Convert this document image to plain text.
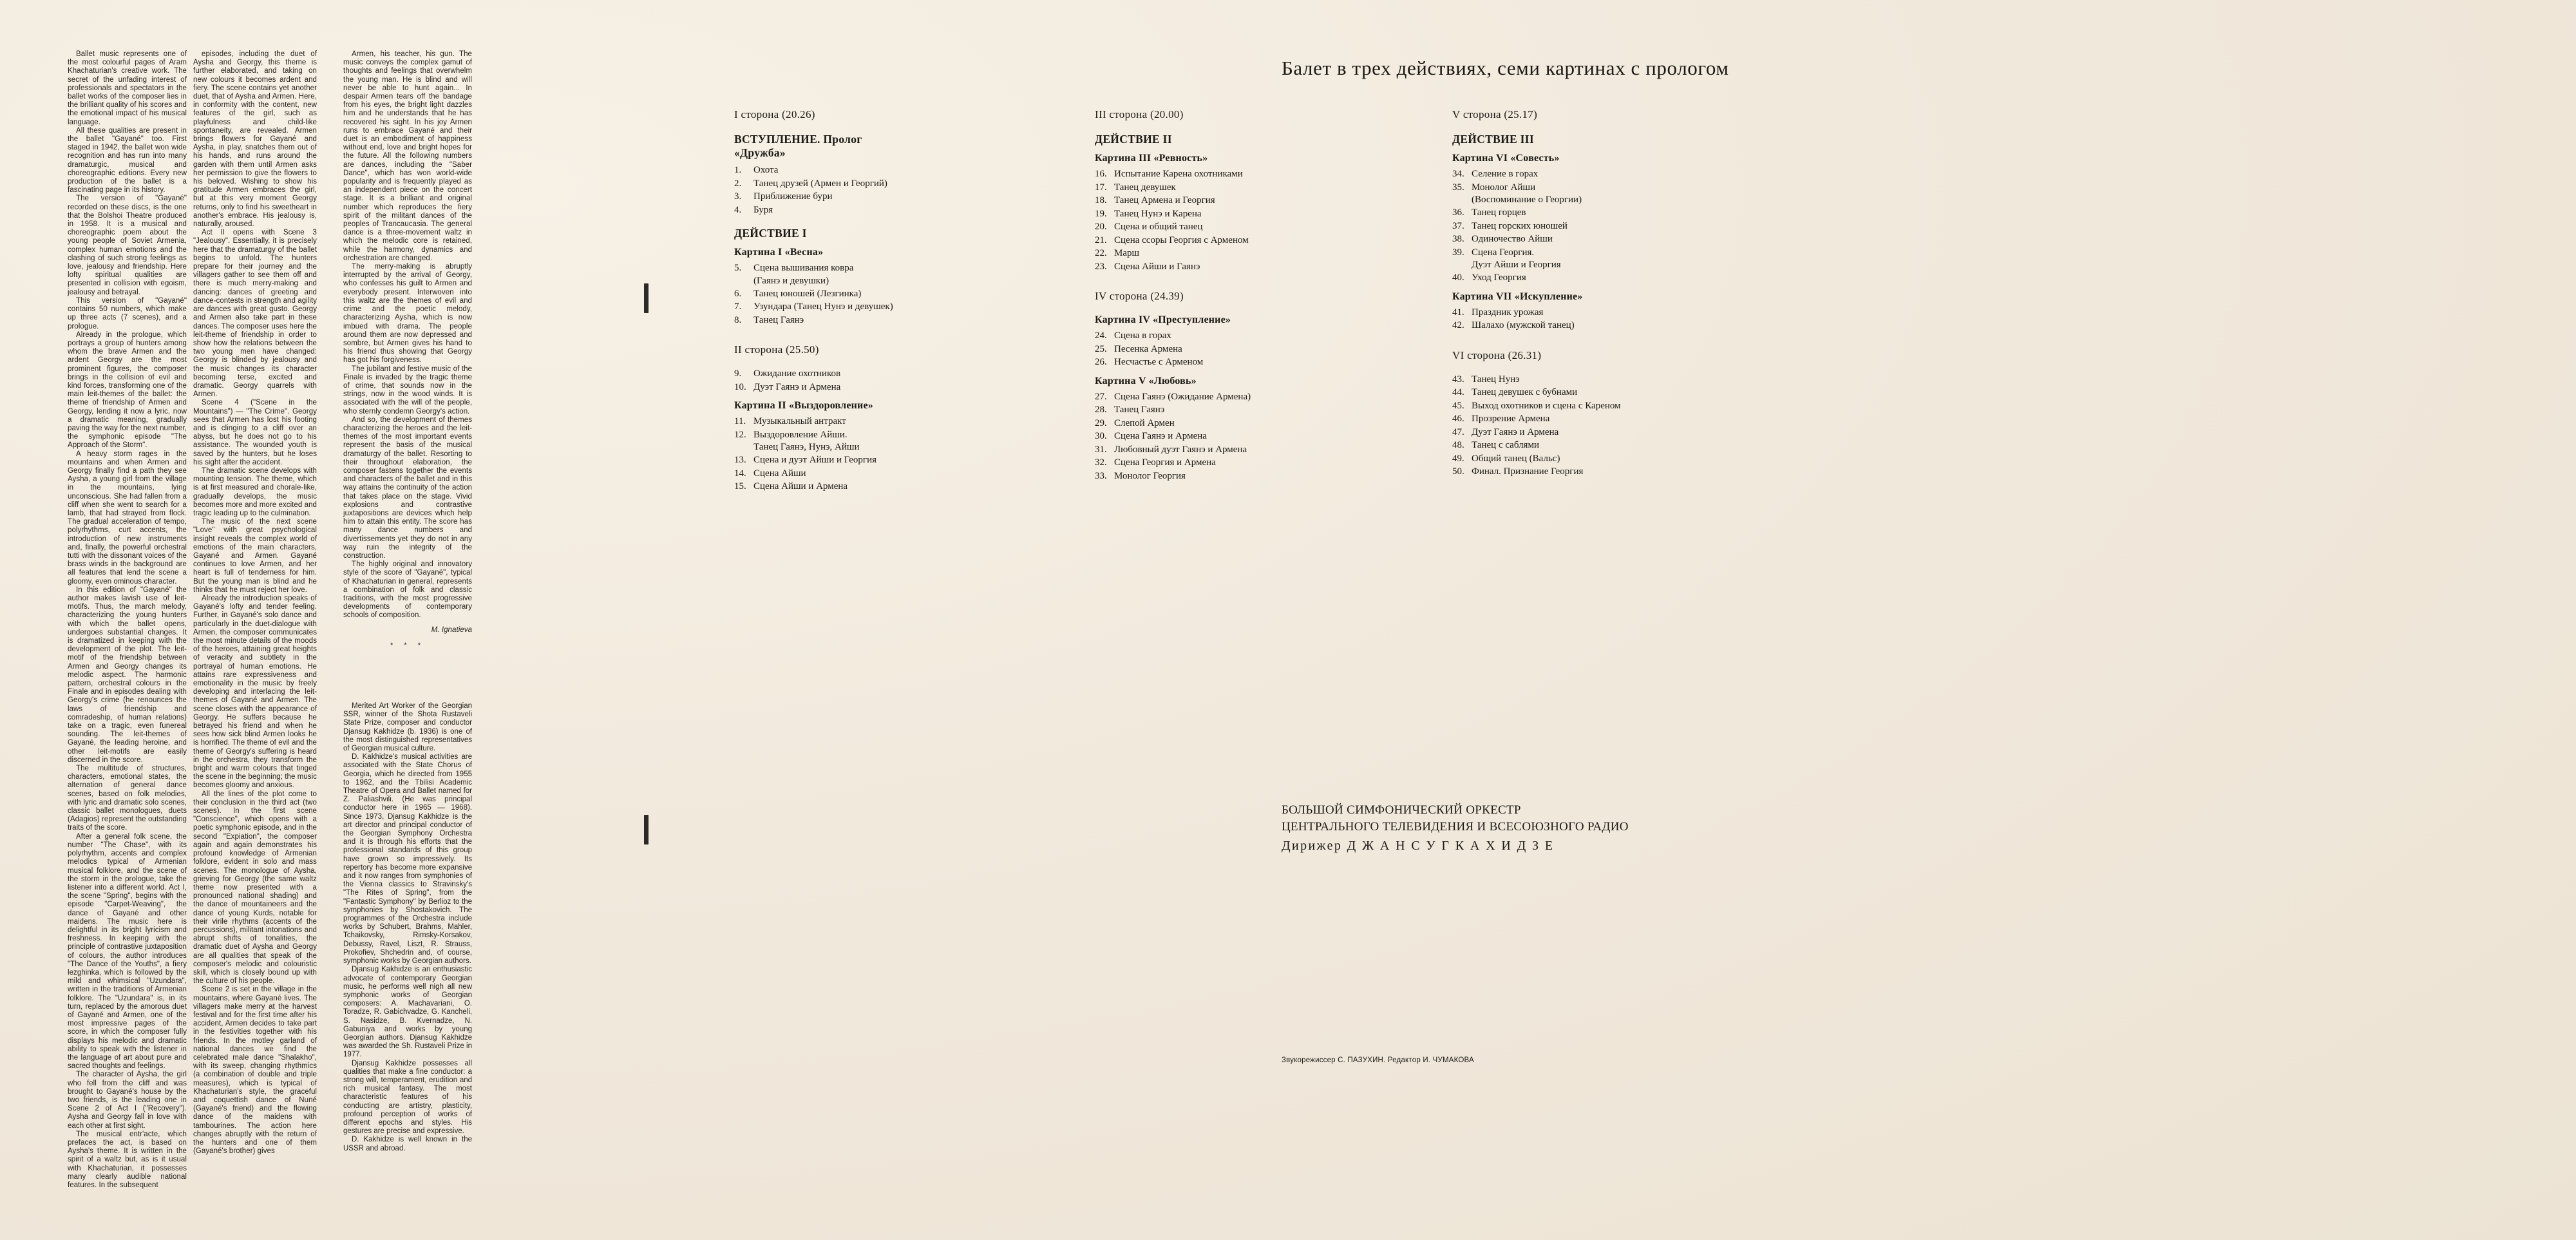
Ballet music represents one of the most colourful pages of Aram Khachaturian's creative work. The secret of the unfading interest of professionals and spectators in the ballet works of the composer lies in the brilliant quality of his scores and the emotional impact of his musical language.

All these qualities are present in the ballet "Gayané" too. First staged in 1942, the ballet won wide recognition and has run into many dramaturgic, musical and choreographic editions. Every new production of the ballet is a fascinating page in its history.

The version of "Gayané" recorded on these discs, is the one that the Bolshoi Theatre produced in 1958. It is a musical and choreographic poem about the young people of Soviet Armenia, complex human emotions and the clashing of such strong feelings as love, jealousy and friendship. Here lofty spiritual qualities are presented in collision with egoism, jealousy and betrayal.

This version of "Gayané" contains 50 numbers, which make up three acts (7 scenes), and a prologue.

Already in the prologue, which portrays a group of hunters among whom the brave Armen and the ardent Georgy are the most prominent figures, the composer brings in the collision of evil and kind forces, transforming one of the main leit-themes of the ballet: the theme of friendship of Armen and Georgy, lending it now a lyric, now a dramatic meaning, gradually paving the way for the next number, the symphonic episode "The Approach of the Storm".

A heavy storm rages in the mountains and when Armen and Georgy finally find a path they see Aysha, a young girl from the village in the mountains, lying unconscious. She had fallen from a cliff when she went to search for a lamb, that had strayed from flock. The gradual acceleration of tempo, polyrhythms, curt accents, the introduction of new instruments and, finally, the powerful orchestral tutti with the dissonant voices of the brass winds in the background are all features that lend the scene a gloomy, even ominous character.

In this edition of "Gayané" the author makes lavish use of leit-motifs. Thus, the march melody, characterizing the young hunters with which the ballet opens, undergoes substantial changes. It is dramatized in keeping with the development of the plot. The leit-motif of the friendship between Armen and Georgy changes its melodic aspect. The harmonic pattern, orchestral colours in the Finale and in episodes dealing with Georgy's crime (he renounces the laws of friendship and comradeship, of human relations) take on a tragic, even funereal sounding. The leit-themes of Gayané, the leading heroine, and other leit-motifs are easily discerned in the score.

The multitude of structures, characters, emotional states, the alternation of general dance scenes, based on folk melodies, with lyric and dramatic solo scenes, classic ballet monologues, duets (Adagios) represent the outstanding traits of the score.

After a general folk scene, the number "The Chase", with its polyrhythm, accents and complex melodics typical of Armenian musical folklore, and the scene of the storm in the prologue, take the listener into a different world. Act I, the scene "Spring", begins with the episode "Carpet-Weaving", the dance of Gayané and other maidens. The music here is delightful in its bright lyricism and freshness. In keeping with the principle of contrastive juxtaposition of colours, the author introduces "The Dance of the Youths", a fiery lezghinka, which is followed by the mild and whimsical "Uzundara", written in the traditions of Armenian folklore. The "Uzundara" is, in its turn, replaced by the amorous duet of Gayané and Armen, one of the most impressive pages of the score, in which the composer fully displays his melodic and dramatic ability to speak with the listener in the language of art about pure and sacred thoughts and feelings.

The character of Aysha, the girl who fell from the cliff and was brought to Gayané's house by the two friends, is the leading one in Scene 2 of Act I ("Recovery"). Aysha and Georgy fall in love with each other at first sight.

The musical entr'acte, which prefaces the act, is based on Aysha's theme. It is written in the spirit of a waltz but, as is it usual with Khachaturian, it possesses many clearly audible national features. In the subsequent

episodes, including the duet of Aysha and Georgy, this theme is further elaborated, and taking on new colours it becomes ardent and fiery. The scene contains yet another duet, that of Aysha and Armen. Here, in conformity with the content, new features of the girl, such as playfulness and child-like spontaneity, are revealed. Armen brings flowers for Gayané and Aysha, in play, snatches them out of his hands, and runs around the garden with them until Armen asks her permission to give the flowers to his beloved. Wishing to show his gratitude Armen embraces the girl, but at this very moment Georgy returns, only to find his sweetheart in another's embrace. His jealousy is, naturally, aroused.

Act II opens with Scene 3 "Jealousy". Essentially, it is precisely here that the dramaturgy of the ballet begins to unfold. The hunters prepare for their journey and the villagers gather to see them off and there is much merry-making and dancing: dances of greeting and dance-contests in strength and agility are dances with great gusto. Georgy and Armen also take part in these dances. The composer uses here the leit-theme of friendship in order to show how the relations between the two young men have changed: Georgy is blinded by jealousy and the music changes its character becoming terse, excited and dramatic. Georgy quarrels with Armen.

Scene 4 ("Scene in the Mountains") — "The Crime". Georgy sees that Armen has lost his footing and is clinging to a cliff over an abyss, but he does not go to his assistance. The wounded youth is saved by the hunters, but he loses his sight after the accident.

The dramatic scene develops with mounting tension. The theme, which is at first measured and chorale-like, gradually develops, the music becomes more and more excited and tragic leading up to the culmination.

The music of the next scene "Love" with great psychological insight reveals the complex world of emotions of the main characters, Gayané and Armen. Gayané continues to love Armen, and her heart is full of tenderness for him. But the young man is blind and he thinks that he must reject her love.

Already the introduction speaks of Gayané's lofty and tender feeling. Further, in Gayané's solo dance and particularly in the duet-dialogue with Armen, the composer communicates the most minute details of the moods of the heroes, attaining great heights of veracity and subtlety in the portrayal of human emotions. He attains rare expressiveness and emotionality in the music by freely developing and interlacing the leit-themes of Gayané and Armen. The scene closes with the appearance of Georgy. He suffers because he betrayed his friend and when he sees how sick blind Armen looks he is horrified. The theme of evil and the theme of Georgy's suffering is heard in the orchestra, they transform the bright and warm colours that tinged the scene in the beginning; the music becomes gloomy and anxious.

All the lines of the plot come to their conclusion in the third act (two scenes). In the first scene "Conscience", which opens with a poetic symphonic episode, and in the second "Expiation", the composer again and again demonstrates his profound knowledge of Armenian folklore, evident in solo and mass scenes. The monologue of Aysha, grieving for Georgy (the same waltz theme now presented with a pronounced national shading) and the dance of mountaineers and the dance of young Kurds, notable for their virile rhythms (accents of the percussions), militant intonations and abrupt shifts of tonalities, the dramatic duet of Aysha and Georgy are all qualities that speak of the composer's melodic and colouristic skill, which is closely bound up with the culture of his people.

Scene 2 is set in the village in the mountains, where Gayané lives. The villagers make merry at the harvest festival and for the first time after his accident, Armen decides to take part in the festivities together with his friends. In the motley garland of national dances we find the celebrated male dance "Shalakho", with its sweep, changing rhythmics (a combination of double and triple measures), which is typical of Khachaturian's style, the graceful and coquettish dance of Nuné (Gayané's friend) and the flowing dance of the maidens with tambourines. The action here changes abruptly with the return of the hunters and one of them (Gayané's brother) gives

Armen, his teacher, his gun. The music conveys the complex gamut of thoughts and feelings that overwhelm the young man. He is blind and will never be able to hunt again... In despair Armen tears off the bandage from his eyes, the bright light dazzles him and he understands that he has recovered his sight. In his joy Armen runs to embrace Gayané and their duet is an embodiment of happiness without end, love and bright hopes for the future. All the following numbers are dances, including the "Saber Dance", which has won world-wide popularity and is frequently played as an independent piece on the concert stage. It is a brilliant and original number which reproduces the fiery spirit of the militant dances of the peoples of Trancaucasia. The general dance is a three-movement waltz in which the melodic core is retained, while the harmony, dynamics and orchestration are changed.

The merry-making is abruptly interrupted by the arrival of Georgy, who confesses his guilt to Armen and everybody present. Interwoven into this waltz are the themes of evil and crime and the poetic melody, characterizing Aysha, which is now imbued with drama. The people around them are now depressed and sombre, but Armen gives his hand to his friend thus showing that Georgy has got his forgiveness.

The jubilant and festive music of the Finale is invaded by the tragic theme of crime, that sounds now in the strings, now in the wood winds. It is associated with the will of the people, who sternly condemn Georgy's action.

And so, the development of themes characterizing the heroes and the leit-themes of the most important events represent the basis of the musical dramaturgy of the ballet. Resorting to their throughout elaboration, the composer fastens together the events and characters of the ballet and in this way attains the continuity of the action that takes place on the stage. Vivid explosions and contrastive juxtapositions are devices which help him to attain this entity. The score has many dance numbers and divertissements yet they do not in any way ruin the integrity of the construction.

The highly original and innovatory style of the score of "Gayané", typical of Khachaturian in general, represents a combination of folk and classic traditions, with the most progressive developments of contemporary schools of composition.

M. Ignatieva
* * *

Merited Art Worker of the Georgian SSR, winner of the Shota Rustaveli State Prize, composer and conductor Djansug Kakhidze (b. 1936) is one of the most distinguished representatives of Georgian musical culture.

D. Kakhidze's musical activities are associated with the State Chorus of Georgia, which he directed from 1955 to 1962, and the Tbilisi Academic Theatre of Opera and Ballet named for Z. Paliashvili. (He was principal conductor here in 1965 — 1968). Since 1973, Djansug Kakhidze is the art director and principal conductor of the Georgian Symphony Orchestra and it is through his efforts that the professional standards of this group have grown so impressively. Its repertory has become more expansive and it now ranges from symphonies of the Vienna classics to Stravinsky's "The Rites of Spring", from the "Fantastic Symphony" by Berlioz to the symphonies by Shostakovich. The programmes of the Orchestra include works by Schubert, Brahms, Mahler, Tchaikovsky, Rimsky-Korsakov, Debussy, Ravel, Liszt, R. Strauss, Prokofiev, Shchedrin and, of course, symphonic works by Georgian authors.

Djansug Kakhidze is an enthusiastic advocate of contemporary Georgian music, he performs well nigh all new symphonic works of Georgian composers: A. Machavariani, O. Toradze, R. Gabichvadze, G. Kancheli, S. Nasidze, B. Kvernadze, N. Gabuniya and works by young Georgian authors. Djansug Kakhidze was awarded the Sh. Rustaveli Prize in 1977.

Djansug Kakhidze possesses all qualities that make a fine conductor: a strong will, temperament, erudition and rich musical fantasy. The most characteristic features of his conducting are artistry, plasticity, profound perception of works of different epochs and styles. His gestures are precise and expressive.

D. Kakhidze is well known in the USSR and abroad.

Балет в трех действиях, семи картинах с прологом
I сторона (20.26)
ВСТУПЛЕНИЕ. Пролог «Дружба»
1. Охота
2. Танец друзей (Армен и Георгий)
3. Приближение бури
4. Буря
ДЕЙСТВИЕ I
Картина I «Весна»
5. Сцена вышивания ковра
(Гаянэ и девушки)
6. Танец юношей (Лезгинка)
7. Узундара (Танец Нунэ и девушек)
8. Танец Гаянэ
II сторона (25.50)
9. Ожидание охотников
10. Дуэт Гаянэ и Армена
Картина II «Выздоровление»
11. Музыкальный антракт
12. Выздоровление Айши.
Танец Гаянэ, Нунэ, Айши
13. Сцена и дуэт Айши и Георгия
14. Сцена Айши
15. Сцена Айши и Армена
III сторона (20.00)
ДЕЙСТВИЕ II
Картина III «Ревность»
16. Испытание Карена охотниками
17. Танец девушек
18. Танец Армена и Георгия
19. Танец Нунэ и Карена
20. Сцена и общий танец
21. Сцена ссоры Георгия с Арменом
22. Марш
23. Сцена Айши и Гаянэ
IV сторона (24.39)
Картина IV «Преступление»
24. Сцена в горах
25. Песенка Армена
26. Несчастье с Арменом
Картина V «Любовь»
27. Сцена Гаянэ (Ожидание Армена)
28. Танец Гаянэ
29. Слепой Армен
30. Сцена Гаянэ и Армена
31. Любовный дуэт Гаянэ и Армена
32. Сцена Георгия и Армена
33. Монолог Георгия
V сторона (25.17)
ДЕЙСТВИЕ III
Картина VI «Совесть»
34. Селение в горах
35. Монолог Айши
(Воспоминание о Георгии)
36. Танец горцев
37. Танец горских юношей
38. Одиночество Айши
39. Сцена Георгия.
Дуэт Айши и Георгия
40. Уход Георгия
Картина VII «Искупление»
41. Праздник урожая
42. Шалахо (мужской танец)
VI сторона (26.31)
43. Танец Нунэ
44. Танец девушек с бубнами
45. Выход охотников и сцена с Кареном
46. Прозрение Армена
47. Дуэт Гаянэ и Армена
48. Танец с саблями
49. Общий танец (Вальс)
50. Финал. Признание Георгия
БОЛЬШОЙ СИМФОНИЧЕСКИЙ ОРКЕСТР
ЦЕНТРАЛЬНОГО ТЕЛЕВИДЕНИЯ И ВСЕСОЮЗНОГО РАДИО
Дирижер Д Ж А Н С У Г К А Х И Д З Е
Звукорежиссер С. ПАЗУХИН. Редактор И. ЧУМАКОВА
